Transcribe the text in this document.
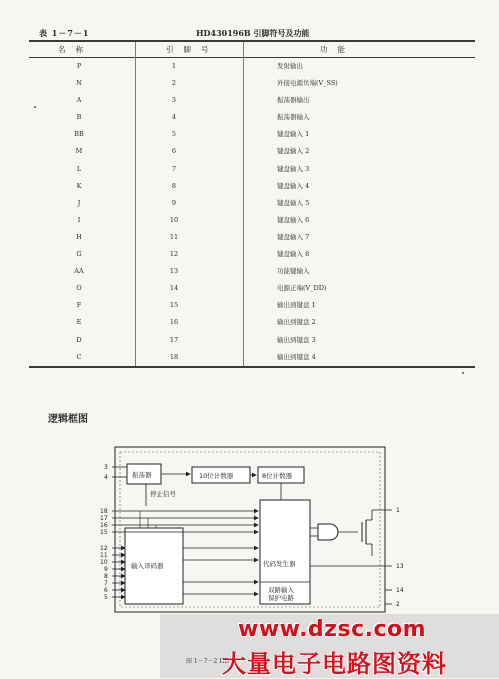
表 1－7－1	HD430196B 引脚符号及功能
名称	引脚号	功能
P	1	发射输出
N	2	外接电源负端(V_SS)
A	3	振荡器输出
B	4	振荡器输入
BB	5	键盘输入 1
M	6	键盘输入 2
L	7	键盘输入 3
K	8	键盘输入 4
J	9	键盘输入 5
I	10	键盘输入 6
H	11	键盘输入 7
G	12	键盘输入 8
AA	13	功能键输入
O	14	电源正端(V_DD)
F	15	输出到键盘 1
E	16	输出到键盘 2
D	17	输出到键盘 3
C	18	输出到键盘 4
逻辑框图
振荡器	10位计数器	8位计数器
停止信号
输入译码器	代码发生器
双路输入
保护电路
3
4
18
17
16
15
12
11
10
9
8
7
6
5
1
13
14
2
图 1－7－2 HD
www.dzsc.com
大量电子电路图资料
